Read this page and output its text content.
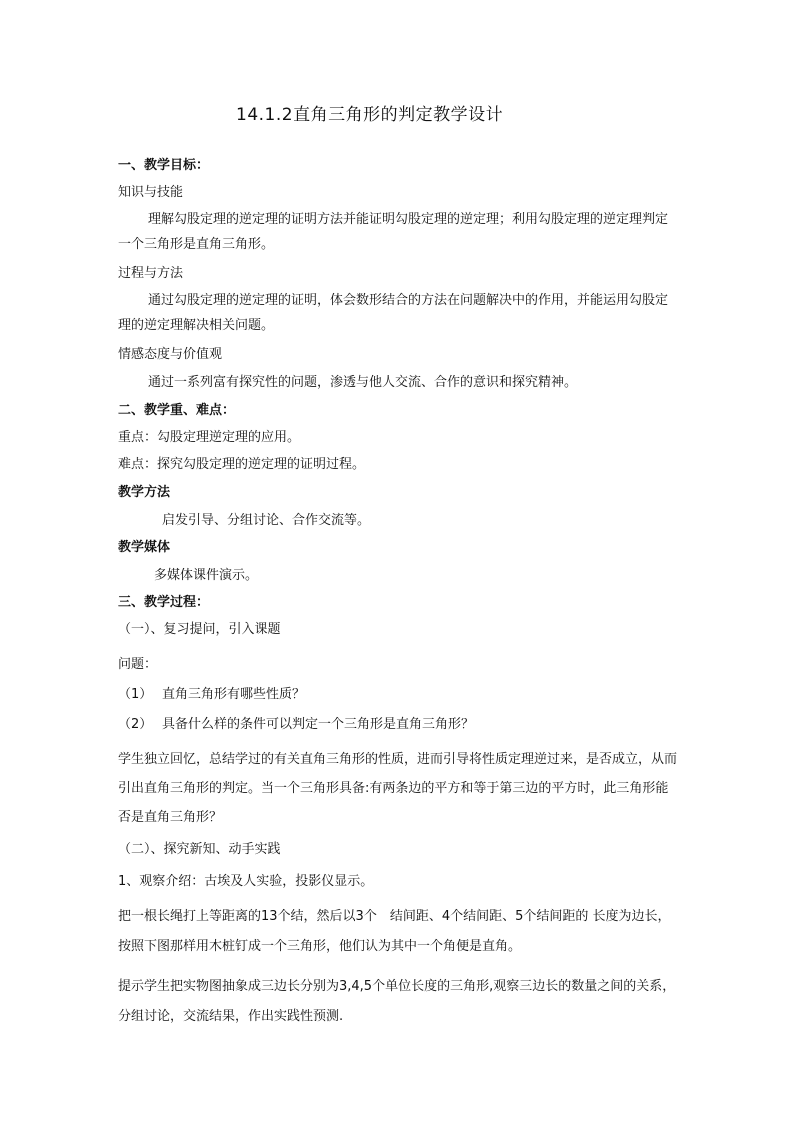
14.1.2直角三角形的判定教学设计
一、教学目标：
知识与技能
理解勾股定理的逆定理的证明方法并能证明勾股定理的逆定理；利用勾股定理的逆定理判定一个三角形是直角三角形。
过程与方法
通过勾股定理的逆定理的证明，体会数形结合的方法在问题解决中的作用，并能运用勾股定理的逆定理解决相关问题。
情感态度与价值观
通过一系列富有探究性的问题，渗透与他人交流、合作的意识和探究精神。
二、教学重、难点：
重点：勾股定理逆定理的应用。
难点：探究勾股定理的逆定理的证明过程。
教学方法
启发引导、分组讨论、合作交流等。
教学媒体
多媒体课件演示。
三、教学过程：
（一）、复习提问，引入课题
问题：
（1） 直角三角形有哪些性质？
（2） 具备什么样的条件可以判定一个三角形是直角三角形？
学生独立回忆，总结学过的有关直角三角形的性质，进而引导将性质定理逆过来，是否成立，从而引出直角三角形的判定。当一个三角形具备:有两条边的平方和等于第三边的平方时，此三角形能否是直角三角形？
（二）、探究新知、动手实践
1、观察介绍：古埃及人实验，投影仪显示。
把一根长绳打上等距离的13个结，然后以3个　结间距、4个结间距、5个结间距的 长度为边长，按照下图那样用木桩钉成一个三角形，他们认为其中一个角便是直角。
提示学生把实物图抽象成三边长分别为3,4,5个单位长度的三角形,观察三边长的数量之间的关系，分组讨论，交流结果，作出实践性预测.
